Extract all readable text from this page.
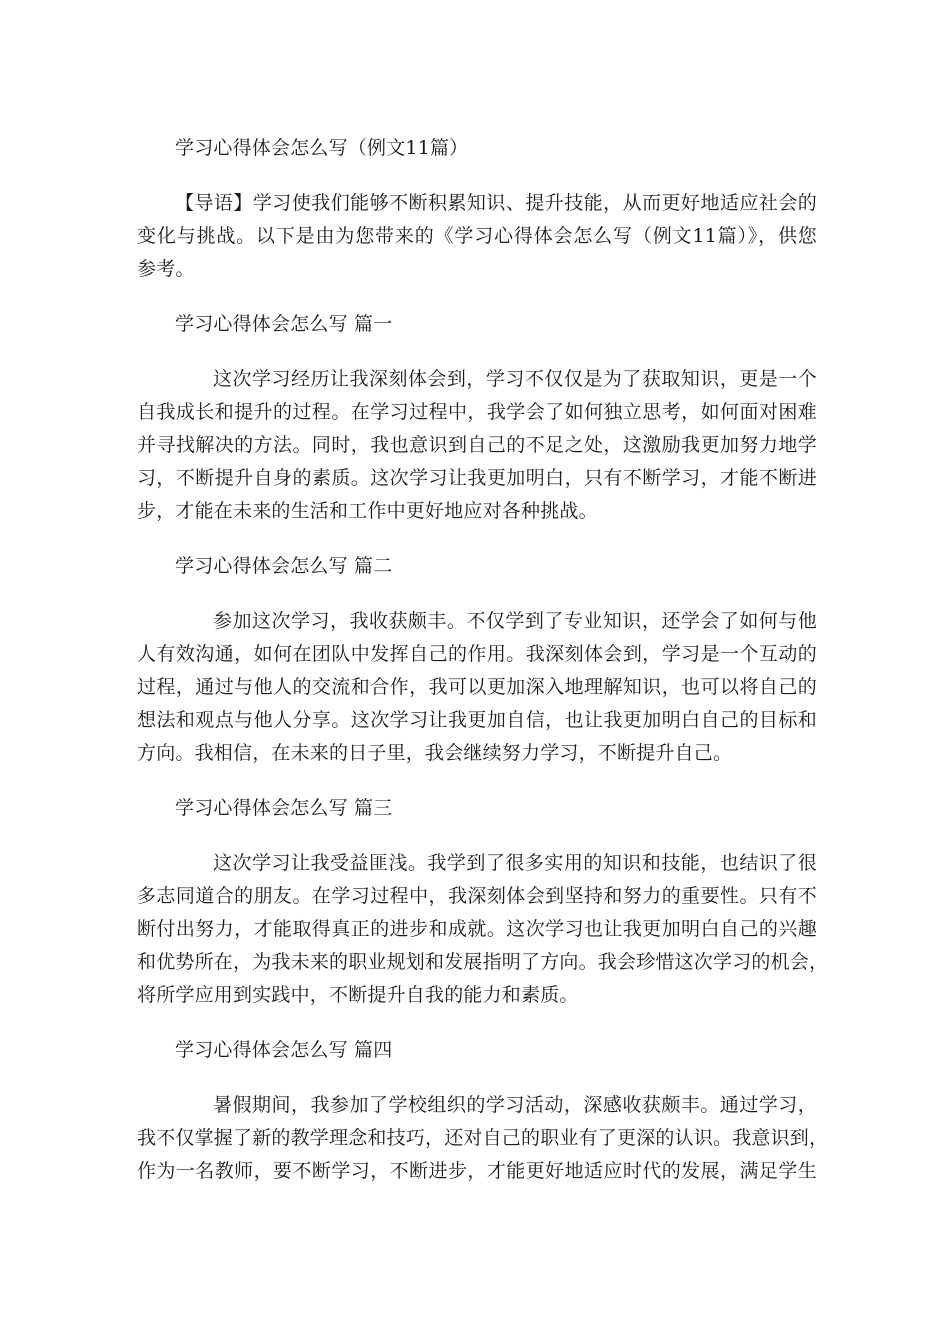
学习心得体会怎么写（例文11篇）
【导语】学习使我们能够不断积累知识、提升技能，从而更好地适应社会的
变化与挑战。以下是由为您带来的《学习心得体会怎么写（例文11篇）》，供您
参考。
学习心得体会怎么写 篇一
这次学习经历让我深刻体会到，学习不仅仅是为了获取知识，更是一个
自我成长和提升的过程。在学习过程中，我学会了如何独立思考，如何面对困难
并寻找解决的方法。同时，我也意识到自己的不足之处，这激励我更加努力地学
习，不断提升自身的素质。这次学习让我更加明白，只有不断学习，才能不断进
步，才能在未来的生活和工作中更好地应对各种挑战。
学习心得体会怎么写 篇二
参加这次学习，我收获颇丰。不仅学到了专业知识，还学会了如何与他
人有效沟通，如何在团队中发挥自己的作用。我深刻体会到，学习是一个互动的
过程，通过与他人的交流和合作，我可以更加深入地理解知识，也可以将自己的
想法和观点与他人分享。这次学习让我更加自信，也让我更加明白自己的目标和
方向。我相信，在未来的日子里，我会继续努力学习，不断提升自己。
学习心得体会怎么写 篇三
这次学习让我受益匪浅。我学到了很多实用的知识和技能，也结识了很
多志同道合的朋友。在学习过程中，我深刻体会到坚持和努力的重要性。只有不
断付出努力，才能取得真正的进步和成就。这次学习也让我更加明白自己的兴趣
和优势所在，为我未来的职业规划和发展指明了方向。我会珍惜这次学习的机会，
将所学应用到实践中，不断提升自我的能力和素质。
学习心得体会怎么写 篇四
暑假期间，我参加了学校组织的学习活动，深感收获颇丰。通过学习，
我不仅掌握了新的教学理念和技巧，还对自己的职业有了更深的认识。我意识到，
作为一名教师，要不断学习，不断进步，才能更好地适应时代的发展，满足学生
